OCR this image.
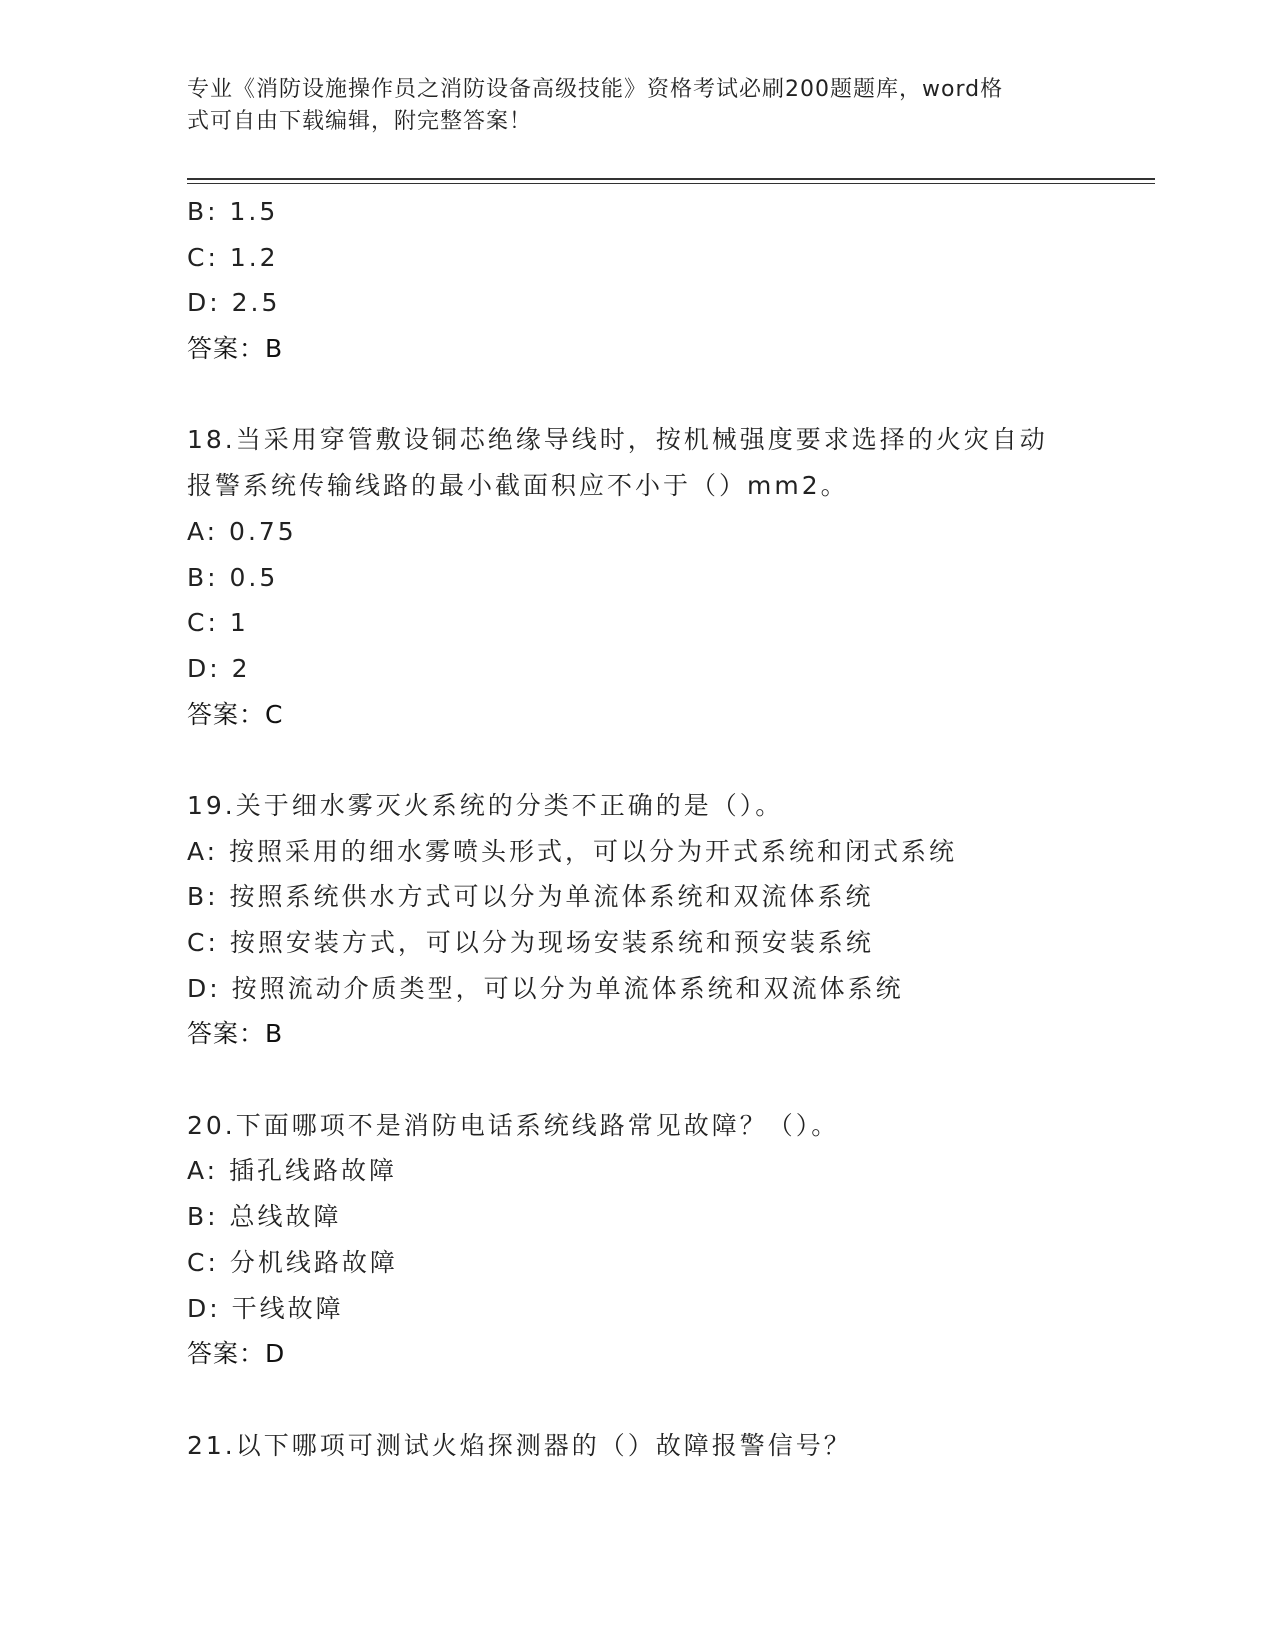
专业《消防设施操作员之消防设备高级技能》资格考试必刷200题题库，word格
式可自由下载编辑，附完整答案！
B: 1.5
C: 1.2
D: 2.5
答案：B
18.当采用穿管敷设铜芯绝缘导线时，按机械强度要求选择的火灾自动
报警系统传输线路的最小截面积应不小于（）mm2。
A: 0.75
B: 0.5
C: 1
D: 2
答案：C
19.关于细水雾灭火系统的分类不正确的是（）。
A: 按照采用的细水雾喷头形式，可以分为开式系统和闭式系统
B: 按照系统供水方式可以分为单流体系统和双流体系统
C: 按照安装方式，可以分为现场安装系统和预安装系统
D: 按照流动介质类型，可以分为单流体系统和双流体系统
答案：B
20.下面哪项不是消防电话系统线路常见故障？（）。
A: 插孔线路故障
B: 总线故障
C: 分机线路故障
D: 干线故障
答案：D
21.以下哪项可测试火焰探测器的（）故障报警信号？
